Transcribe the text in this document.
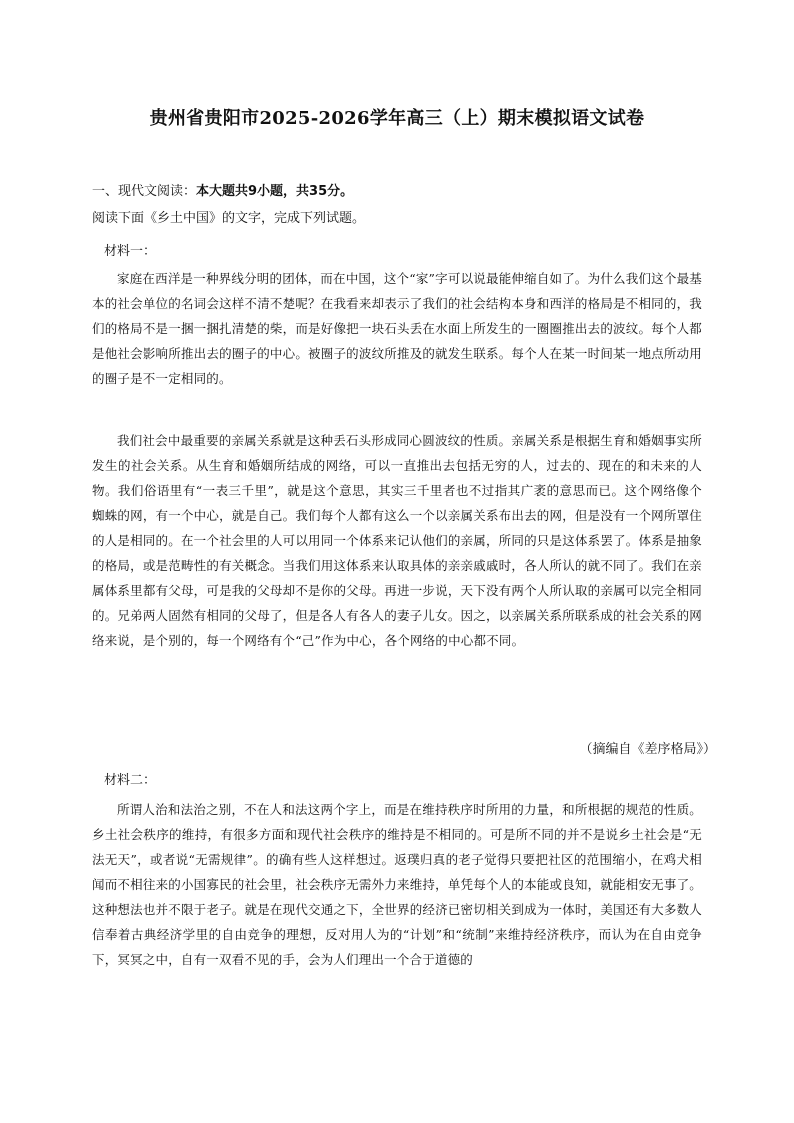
贵州省贵阳市2025-2026学年高三（上）期末模拟语文试卷
一、现代文阅读：本大题共9小题，共35分。
阅读下面《乡土中国》的文字，完成下列试题。
材料一：

家庭在西洋是一种界线分明的团体，而在中国，这个“家”字可以说最能伸缩自如了。为什么我们这个最基本的社会单位的名词会这样不清不楚呢？在我看来却表示了我们的社会结构本身和西洋的格局是不相同的，我们的格局不是一捆一捆扎清楚的柴，而是好像把一块石头丢在水面上所发生的一圈圈推出去的波纹。每个人都是他社会影响所推出去的圈子的中心。被圈子的波纹所推及的就发生联系。每个人在某一时间某一地点所动用的圈子是不一定相同的。

我们社会中最重要的亲属关系就是这种丢石头形成同心圆波纹的性质。亲属关系是根据生育和婚姻事实所发生的社会关系。从生育和婚姻所结成的网络，可以一直推出去包括无穷的人，过去的、现在的和未来的人物。我们俗语里有“一表三千里”，就是这个意思，其实三千里者也不过指其广袤的意思而已。这个网络像个蜘蛛的网，有一个中心，就是自己。我们每个人都有这么一个以亲属关系布出去的网，但是没有一个网所罩住的人是相同的。在一个社会里的人可以用同一个体系来记认他们的亲属，所同的只是这体系罢了。体系是抽象的格局，或是范畴性的有关概念。当我们用这体系来认取具体的亲亲戚戚时，各人所认的就不同了。我们在亲属体系里都有父母，可是我的父母却不是你的父母。再进一步说，天下没有两个人所认取的亲属可以完全相同的。兄弟两人固然有相同的父母了，但是各人有各人的妻子儿女。因之，以亲属关系所联系成的社会关系的网络来说，是个别的，每一个网络有个“己”作为中心，各个网络的中心都不同。

（摘编自《差序格局》）
材料二：

所谓人治和法治之别，不在人和法这两个字上，而是在维持秩序时所用的力量，和所根据的规范的性质。乡土社会秩序的维持，有很多方面和现代社会秩序的维持是不相同的。可是所不同的并不是说乡土社会是“无法无天”，或者说“无需规律”。的确有些人这样想过。返璞归真的老子觉得只要把社区的范围缩小，在鸡犬相闻而不相往来的小国寡民的社会里，社会秩序无需外力来维持，单凭每个人的本能或良知，就能相安无事了。这种想法也并不限于老子。就是在现代交通之下，全世界的经济已密切相关到成为一体时，美国还有大多数人信奉着古典经济学里的自由竞争的理想，反对用人为的“计划”和“统制”来维持经济秩序，而认为在自由竞争下，冥冥之中，自有一双看不见的手，会为人们理出一个合于道德的
